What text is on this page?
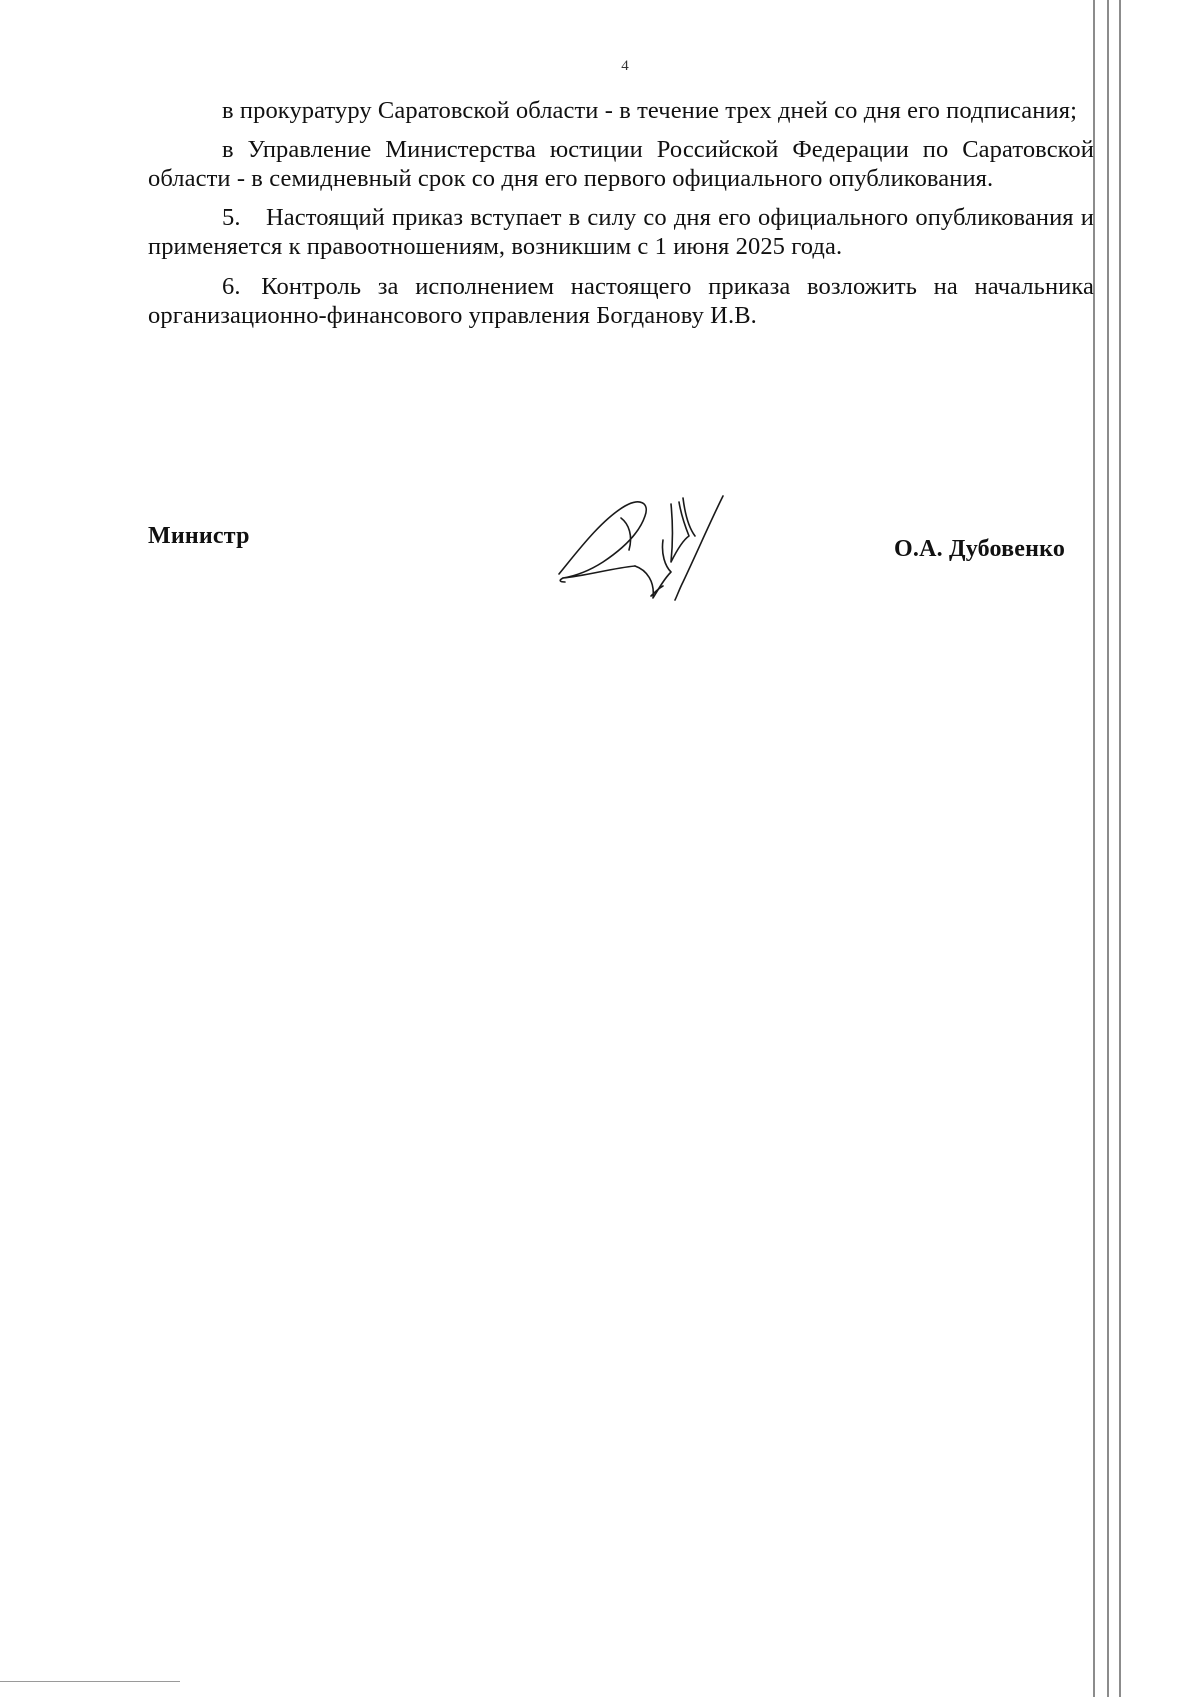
4

в прокуратуру Саратовской области - в течение трех дней со дня его подписания;

в Управление Министерства юстиции Российской Федерации по Саратовской области - в семидневный срок со дня его первого официального опубликования.

5. Настоящий приказ вступает в силу со дня его официального опубликования и применяется к правоотношениям, возникшим с 1 июня 2025 года.

6. Контроль за исполнением настоящего приказа возложить на начальника организационно-финансового управления Богданову И.В.

Министр	О.А. Дубовенко
